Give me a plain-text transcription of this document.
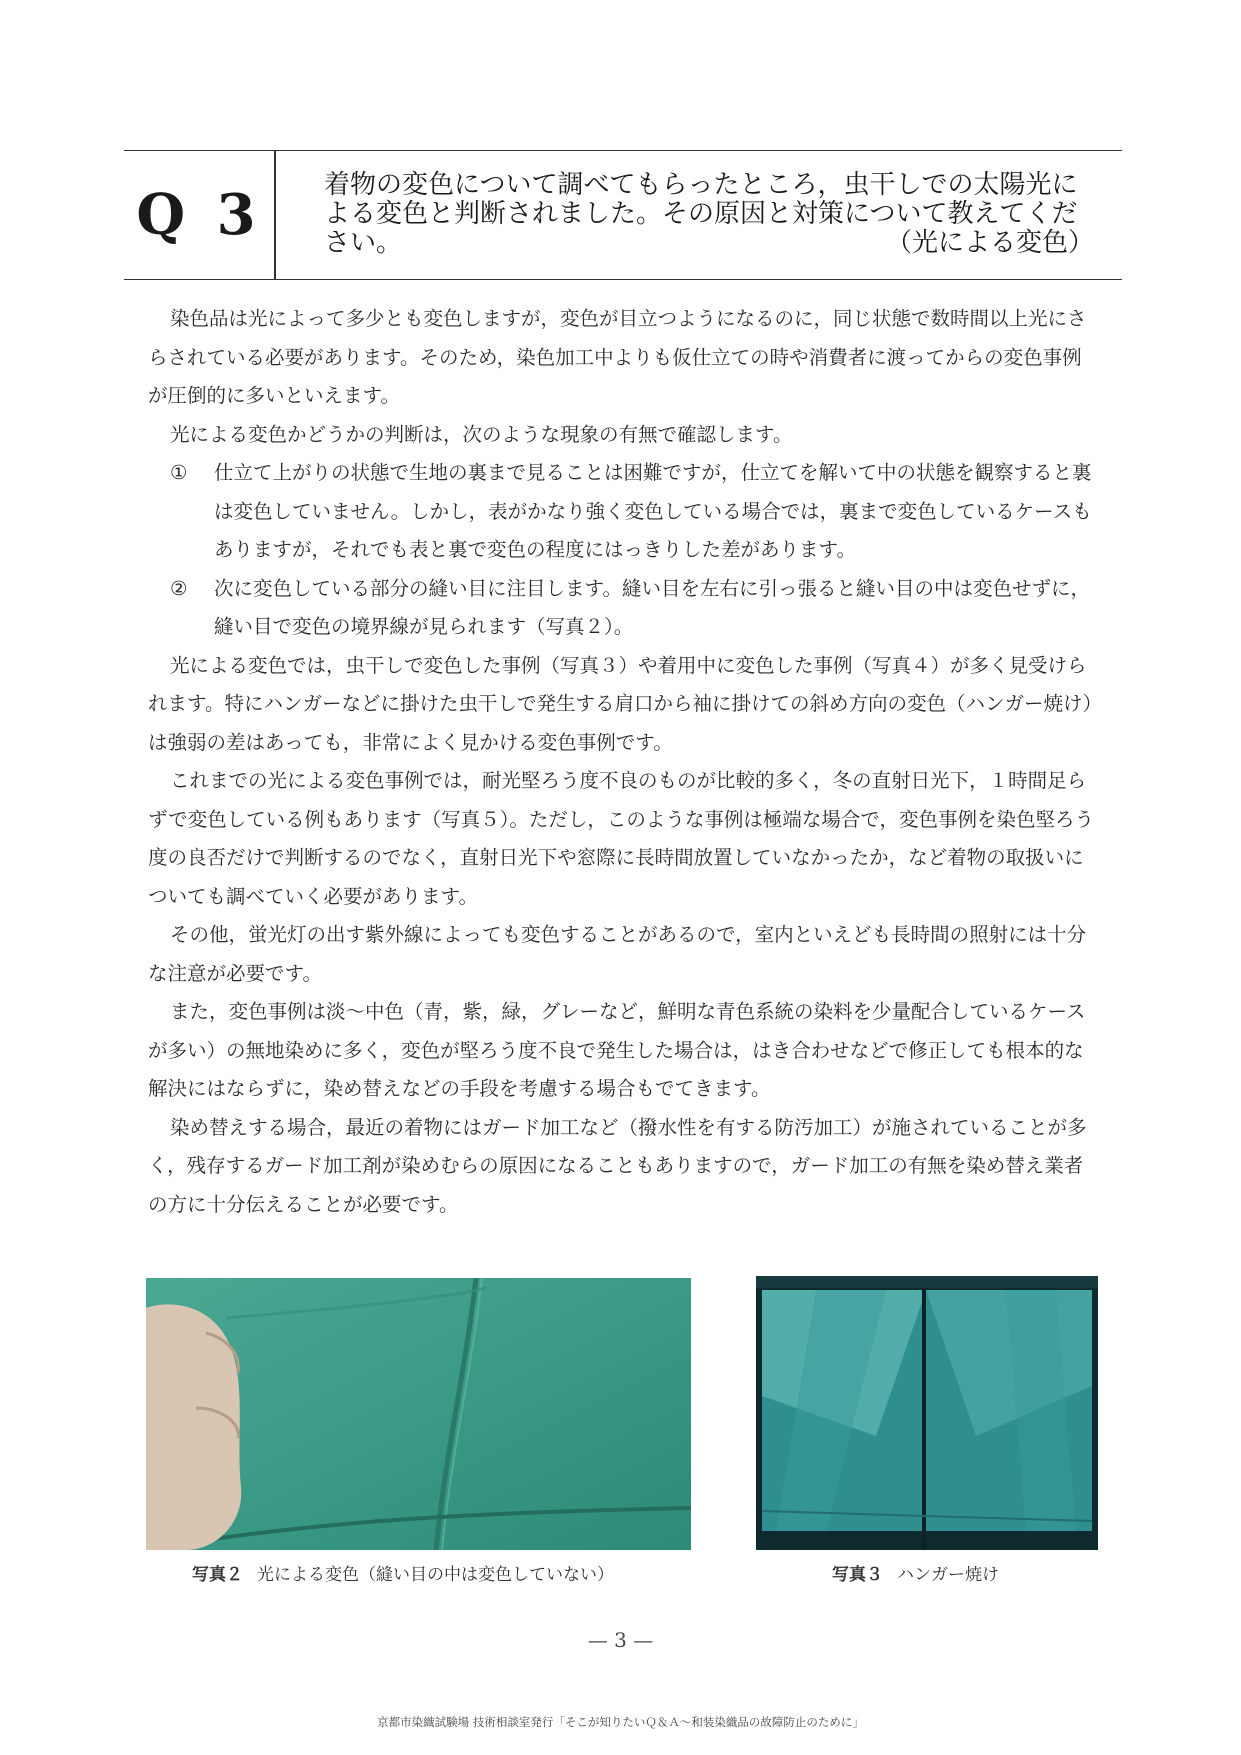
Q 3	着物の変色について調べてもらったところ，虫干しでの太陽光による変色と判断されました。その原因と対策について教えてください。	（光による変色）

染色品は光によって多少とも変色しますが，変色が目立つようになるのに，同じ状態で数時間以上光にさらされている必要があります。そのため，染色加工中よりも仮仕立ての時や消費者に渡ってからの変色事例が圧倒的に多いといえます。

光による変色かどうかの判断は，次のような現象の有無で確認します。

①	仕立て上がりの状態で生地の裏まで見ることは困難ですが，仕立てを解いて中の状態を観察すると裏は変色していません。しかし，表がかなり強く変色している場合では，裏まで変色しているケースもありますが，それでも表と裏で変色の程度にはっきりした差があります。
②	次に変色している部分の縫い目に注目します。縫い目を左右に引っ張ると縫い目の中は変色せずに，縫い目で変色の境界線が見られます（写真２）。

光による変色では，虫干しで変色した事例（写真３）や着用中に変色した事例（写真４）が多く見受けられます。特にハンガーなどに掛けた虫干しで発生する肩口から袖に掛けての斜め方向の変色（ハンガー焼け）は強弱の差はあっても，非常によく見かける変色事例です。

これまでの光による変色事例では，耐光堅ろう度不良のものが比較的多く，冬の直射日光下，１時間足らずで変色している例もあります（写真５）。ただし，このような事例は極端な場合で，変色事例を染色堅ろう度の良否だけで判断するのでなく，直射日光下や窓際に長時間放置していなかったか，など着物の取扱いについても調べていく必要があります。

その他，蛍光灯の出す紫外線によっても変色することがあるので，室内といえども長時間の照射には十分な注意が必要です。

また，変色事例は淡～中色（青，紫，緑，グレーなど，鮮明な青色系統の染料を少量配合しているケースが多い）の無地染めに多く，変色が堅ろう度不良で発生した場合は，はき合わせなどで修正しても根本的な解決にはならずに，染め替えなどの手段を考慮する場合もでてきます。

染め替えする場合，最近の着物にはガード加工など（撥水性を有する防汚加工）が施されていることが多く，残存するガード加工剤が染めむらの原因になることもありますので，ガード加工の有無を染め替え業者の方に十分伝えることが必要です。

写真２ 光による変色（縫い目の中は変色していない）	写真３ ハンガー焼け
— 3 —
京都市染織試験場 技術相談室発行「そこが知りたいＱ＆Ａ～和装染織品の故障防止のために」
